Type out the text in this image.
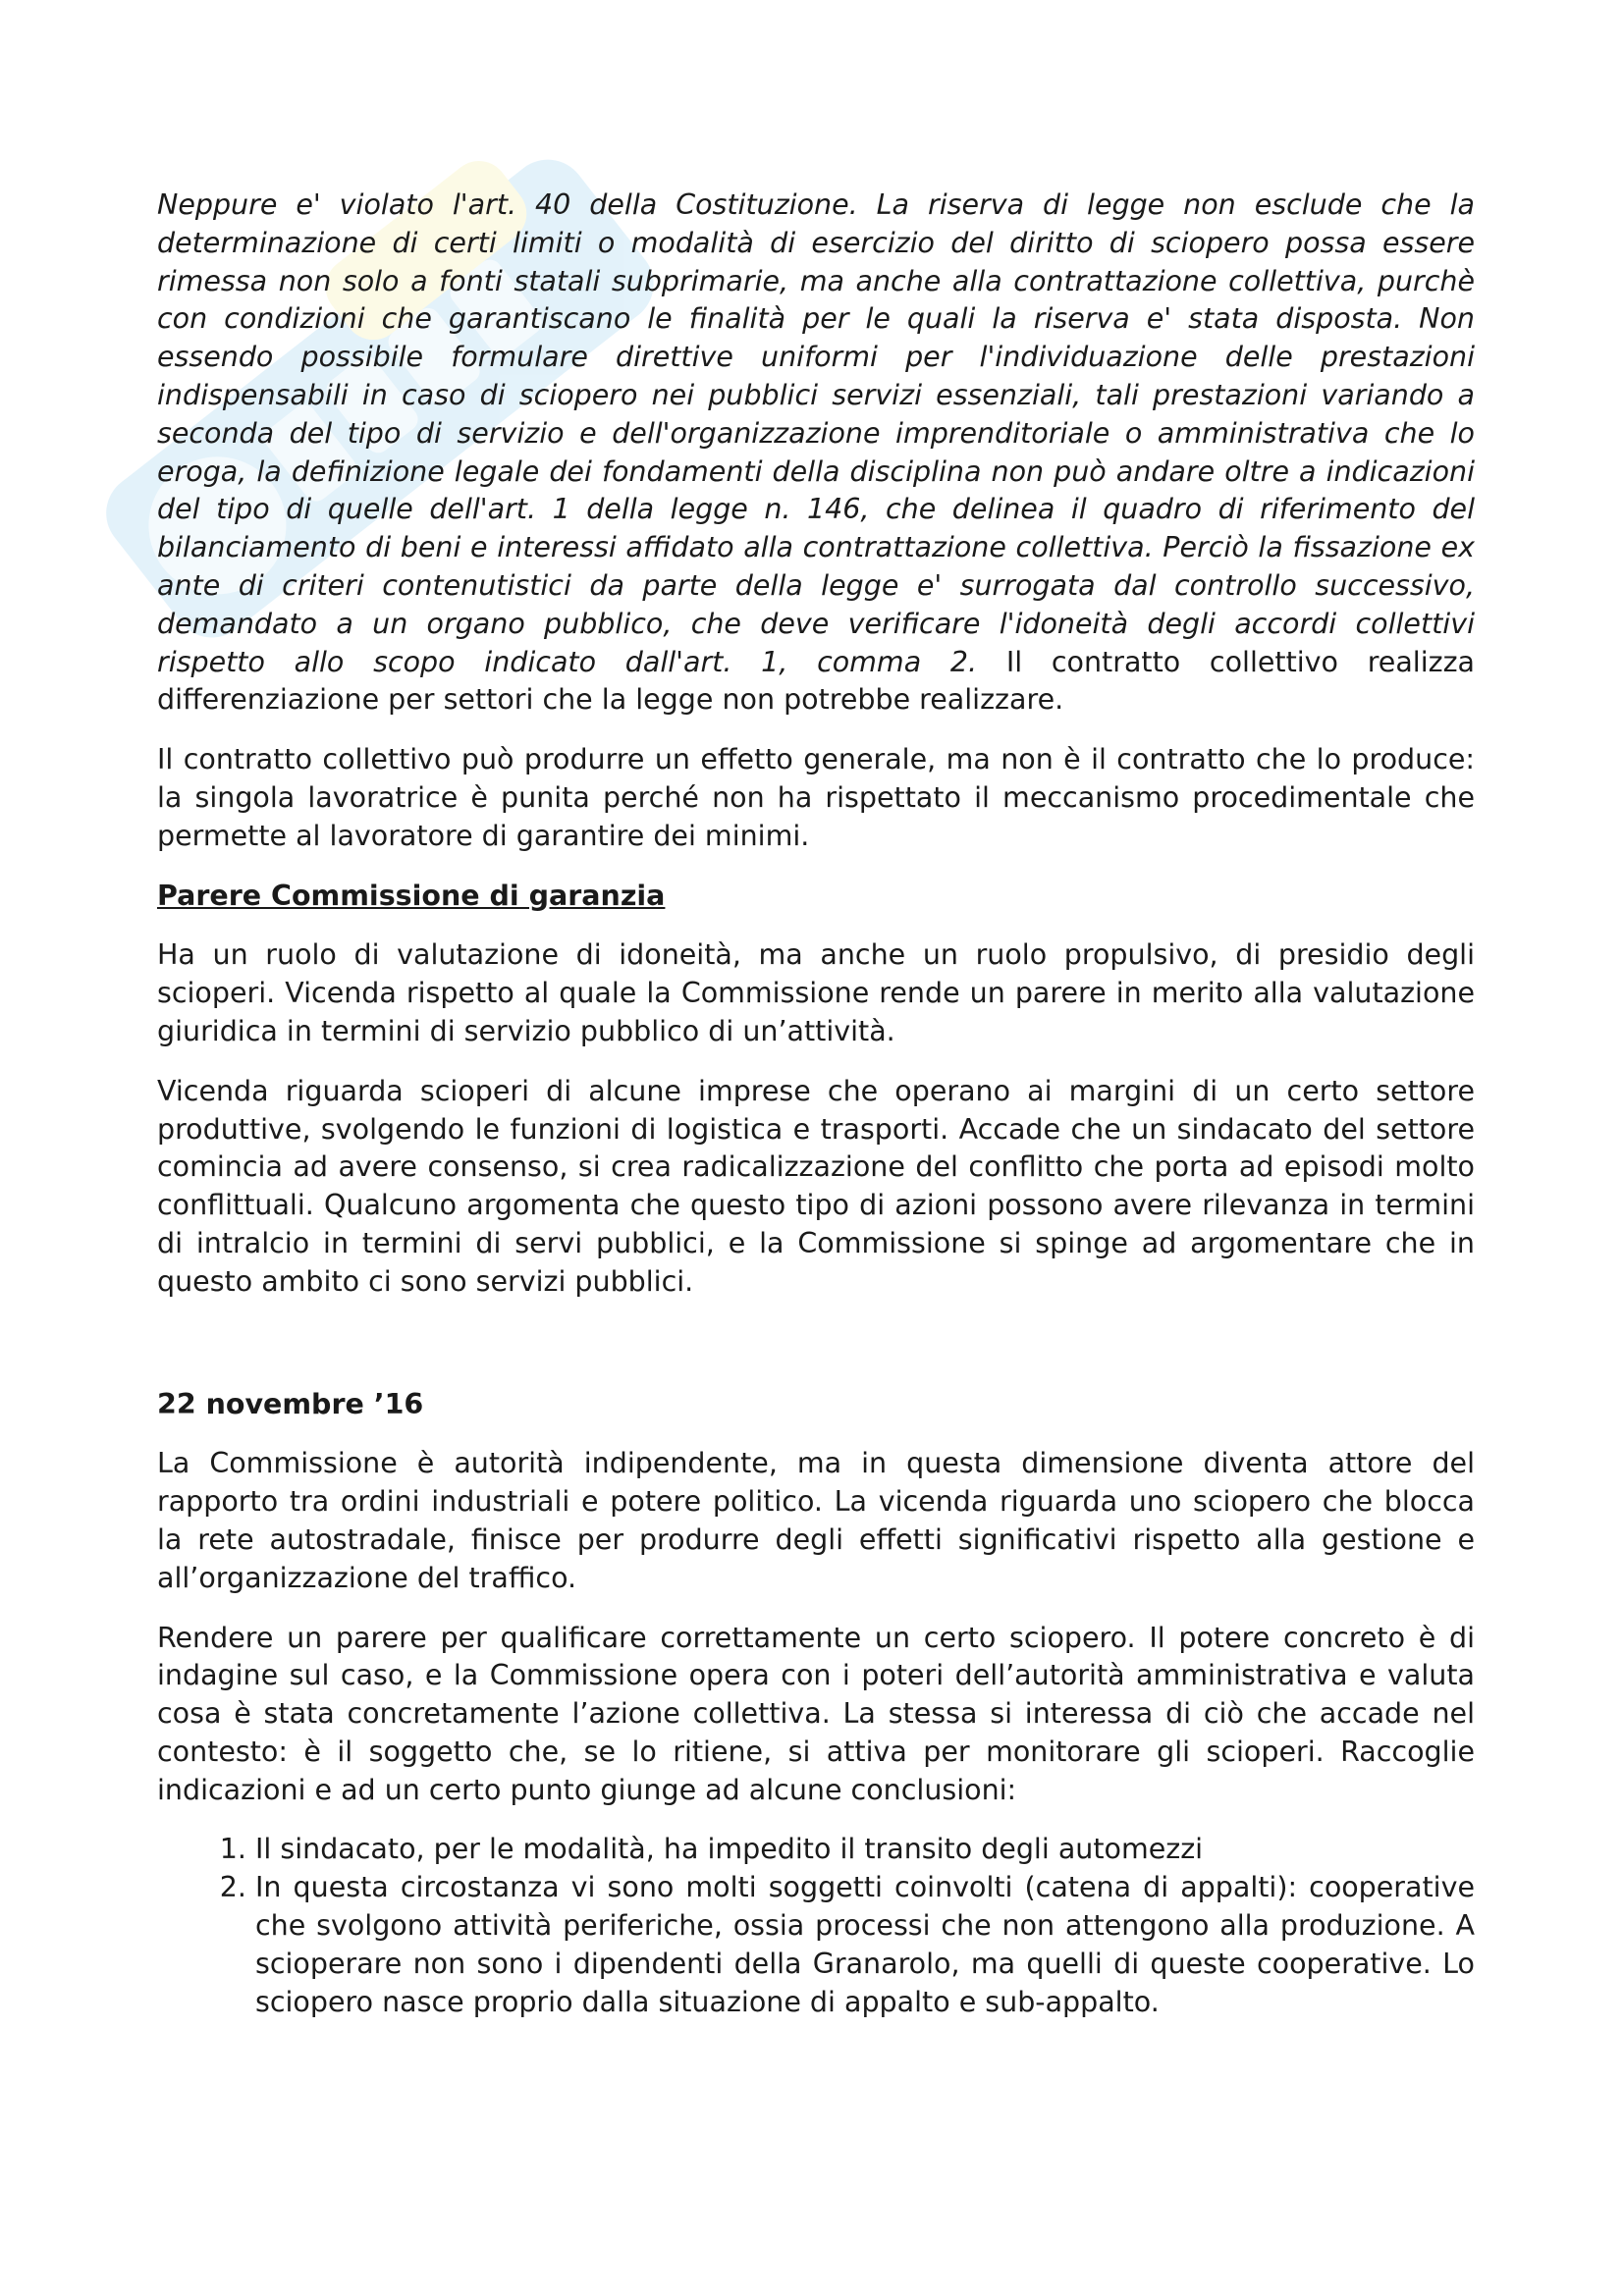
Neppure e' violato l'art. 40 della Costituzione. La riserva di legge non esclude che la determinazione di certi limiti o modalità di esercizio del diritto di sciopero possa essere rimessa non solo a fonti statali subprimarie, ma anche alla contrattazione collettiva, purchè con condizioni che garantiscano le finalità per le quali la riserva e' stata disposta. Non essendo possibile formulare direttive uniformi per l'individuazione delle prestazioni indispensabili in caso di sciopero nei pubblici servizi essenziali, tali prestazioni variando a seconda del tipo di servizio e dell'organizzazione imprenditoriale o amministrativa che lo eroga, la definizione legale dei fondamenti della disciplina non può andare oltre a indicazioni del tipo di quelle dell'art. 1 della legge n. 146, che delinea il quadro di riferimento del bilanciamento di beni e interessi affidato alla contrattazione collettiva. Perciò la fissazione ex ante di criteri contenutistici da parte della legge e' surrogata dal controllo successivo, demandato a un organo pubblico, che deve verificare l'idoneità degli accordi collettivi rispetto allo scopo indicato dall'art. 1, comma 2. Il contratto collettivo realizza differenziazione per settori che la legge non potrebbe realizzare.

Il contratto collettivo può produrre un effetto generale, ma non è il contratto che lo produce: la singola lavoratrice è punita perché non ha rispettato il meccanismo procedimentale che permette al lavoratore di garantire dei minimi.

Parere Commissione di garanzia

Ha un ruolo di valutazione di idoneità, ma anche un ruolo propulsivo, di presidio degli scioperi. Vicenda rispetto al quale la Commissione rende un parere in merito alla valutazione giuridica in termini di servizio pubblico di un’attività.

Vicenda riguarda scioperi di alcune imprese che operano ai margini di un certo settore produttive, svolgendo le funzioni di logistica e trasporti. Accade che un sindacato del settore comincia ad avere consenso, si crea radicalizzazione del conflitto che porta ad episodi molto conflittuali. Qualcuno argomenta che questo tipo di azioni possono avere rilevanza in termini di intralcio in termini di servi pubblici, e la Commissione si spinge ad argomentare che in questo ambito ci sono servizi pubblici.

22 novembre ’16

La Commissione è autorità indipendente, ma in questa dimensione diventa attore del rapporto tra ordini industriali e potere politico. La vicenda riguarda uno sciopero che blocca la rete autostradale, finisce per produrre degli effetti significativi rispetto alla gestione e all’organizzazione del traffico.

Rendere un parere per qualificare correttamente un certo sciopero. Il potere concreto è di indagine sul caso, e la Commissione opera con i poteri dell’autorità amministrativa e valuta cosa è stata concretamente l’azione collettiva. La stessa si interessa di ciò che accade nel contesto: è il soggetto che, se lo ritiene, si attiva per monitorare gli scioperi. Raccoglie indicazioni e ad un certo punto giunge ad alcune conclusioni:

1. Il sindacato, per le modalità, ha impedito il transito degli automezzi
2. In questa circostanza vi sono molti soggetti coinvolti (catena di appalti): cooperative che svolgono attività periferiche, ossia processi che non attengono alla produzione. A scioperare non sono i dipendenti della Granarolo, ma quelli di queste cooperative. Lo sciopero nasce proprio dalla situazione di appalto e sub-appalto.
